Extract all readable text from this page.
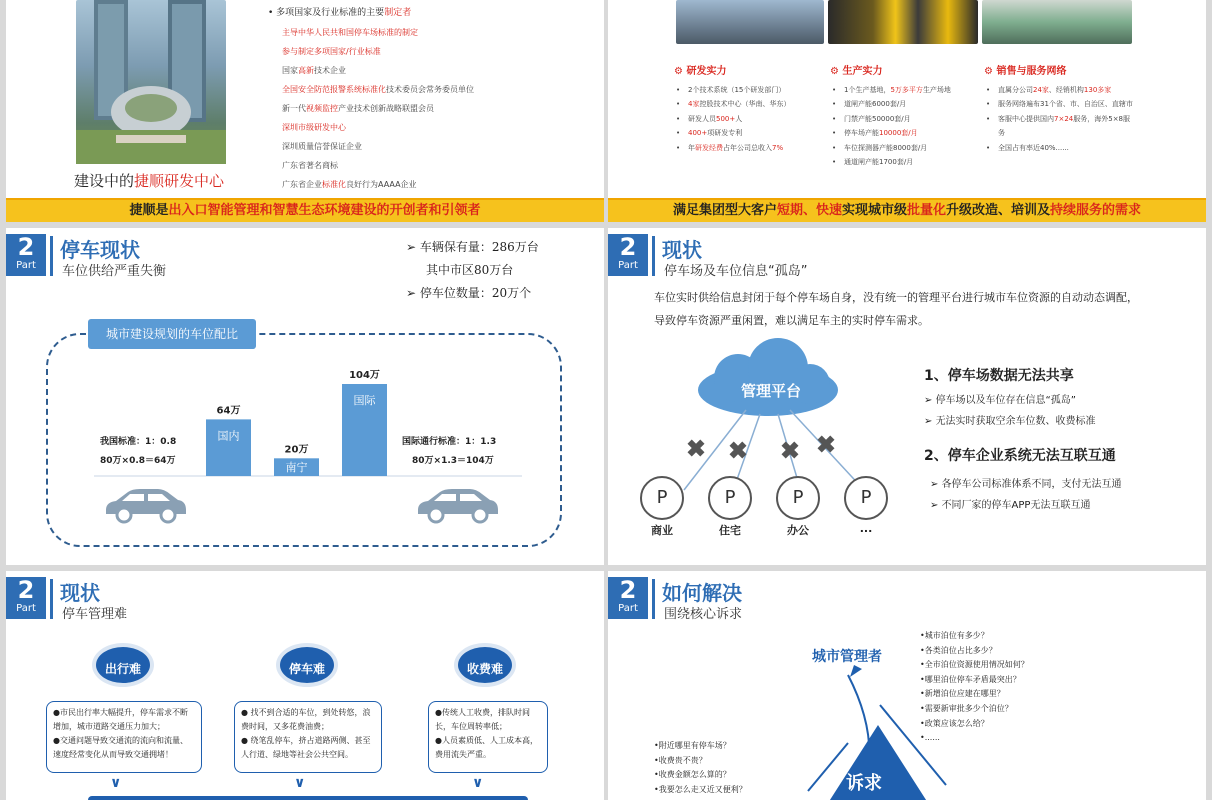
建设中的捷顺研发中心
• 多项国家及行业标准的主要制定者
主导中华人民共和国停车场标准的制定
参与制定多项国家/行业标准
国家高新技术企业
全国安全防范报警系统标准化技术委员会常务委员单位
新一代视频监控产业技术创新战略联盟会员
深圳市级研发中心
深圳质量信誉保证企业
广东省著名商标
广东省企业标准化良好行为AAAA企业
捷顺是出入口智能管理和智慧生态环境建设的开创者和引领者
⚙ 研发实力
• 2个技术系统（15个研发部门）
• 4家控股技术中心（华南、华东）
• 研发人员500+人
• 400+项研发专利
• 年研发经费占年公司总收入7%
⚙ 生产实力
• 1个生产基地，5万多平方生产场地
• 道闸产能6000套/月
• 门禁产能50000套/月
• 停车场产能10000套/月
• 车位探测器产能8000套/月
• 通道闸产能1700套/月
⚙ 销售与服务网络
• 直属分公司24家、经销机构130多家
• 服务网络遍布31个省、市、自治区、直辖市
• 客服中心提供国内7×24服务，海外5×8服务
• 全国占有率近40%......
满足集团型大客户短期、快速实现城市级批量化升级改造、培训及持续服务的需求
2
Part
停车现状
车位供给严重失衡
➢ 车辆保有量：286万台
其中市区80万台
➢ 停车位数量：20万个
城市建设规划的车位配比
64万
国内
20万
南宁
104万
国际
我国标准：1：0.8
80万×0.8＝64万
国际通行标准：1：1.3
80万×1.3＝104万
2
Part
现状
停车场及车位信息“孤岛”
车位实时供给信息封闭于每个停车场自身，没有统一的管理平台进行城市车位资源的自动动态调配， 导致停车资源严重闲置，难以满足车主的实时停车需求。
管理平台
P
商业
P
住宅
P
办公
P
...
1、停车场数据无法共享
➢ 停车场以及车位存在信息“孤岛”
➢ 无法实时获取空余车位数、收费标准
2、停车企业系统无法互联互通
➢ 各停车公司标准体系不同，支付无法互通
➢ 不同厂家的停车APP无法互联互通
2
Part
现状
停车管理难
出行难
●市民出行率大幅提升，停车需求不断增加，城市道路交通压力加大；
●交通问题导致交通流的流向和流量、速度经常变化从而导致交通拥堵！
∨
停车难
● 找不到合适的车位，到处转悠，浪费时间，又多花费油费；
● 绕笔乱停车，挤占道路两侧、甚至人行道、绿地等社会公共空间。
∨
收费难
●传统人工收费，排队时间长，车位周转率低；
●人员素质低、人工成本高，费用流失严重。
∨
2
Part
如何解决
围绕核心诉求
城市管理者
诉求
•城市泊位有多少？
•各类泊位占比多少？
•全市泊位资源使用情况如何？
•哪里泊位停车矛盾最突出？
•新增泊位应建在哪里？
•需要新审批多少个泊位？
•政策应该怎么给？
•......
•附近哪里有停车场？
•收费贵不贵？
•收费金额怎么算的？
•我要怎么走又近又便利？
